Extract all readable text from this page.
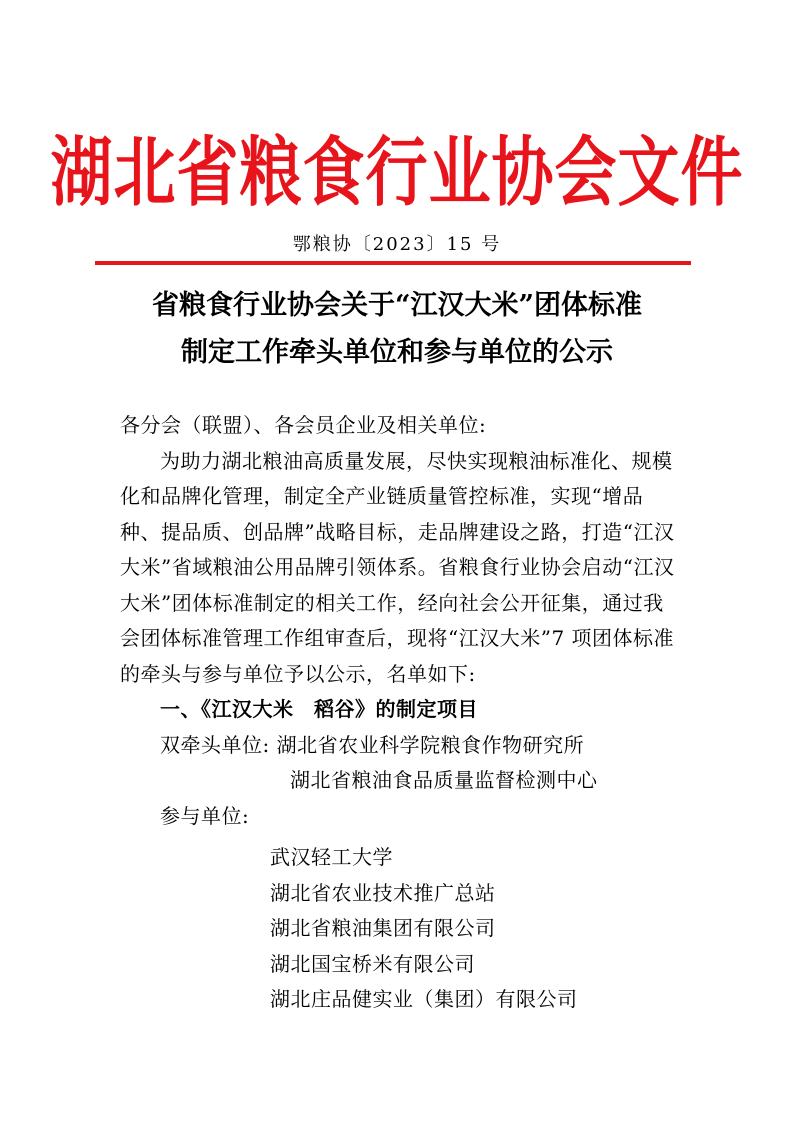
湖北省粮食行业协会文件
鄂粮协〔2023〕15 号
省粮食行业协会关于“江汉大米”团体标准
制定工作牵头单位和参与单位的公示

各分会（联盟）、各会员企业及相关单位:

为助力湖北粮油高质量发展，尽快实现粮油标准化、规模化和品牌化管理，制定全产业链质量管控标准，实现“增品种、提品质、创品牌”战略目标，走品牌建设之路，打造“江汉大米”省域粮油公用品牌引领体系。省粮食行业协会启动“江汉大米”团体标准制定的相关工作，经向社会公开征集，通过我会团体标准管理工作组审查后，现将“江汉大米”7 项团体标准的牵头与参与单位予以公示，名单如下:

一、《江汉大米　稻谷》的制定项目

双牵头单位: 湖北省农业科学院粮食作物研究所

湖北省粮油食品质量监督检测中心

参与单位:

武汉轻工大学

湖北省农业技术推广总站

湖北省粮油集团有限公司

湖北国宝桥米有限公司

湖北庄品健实业（集团）有限公司
